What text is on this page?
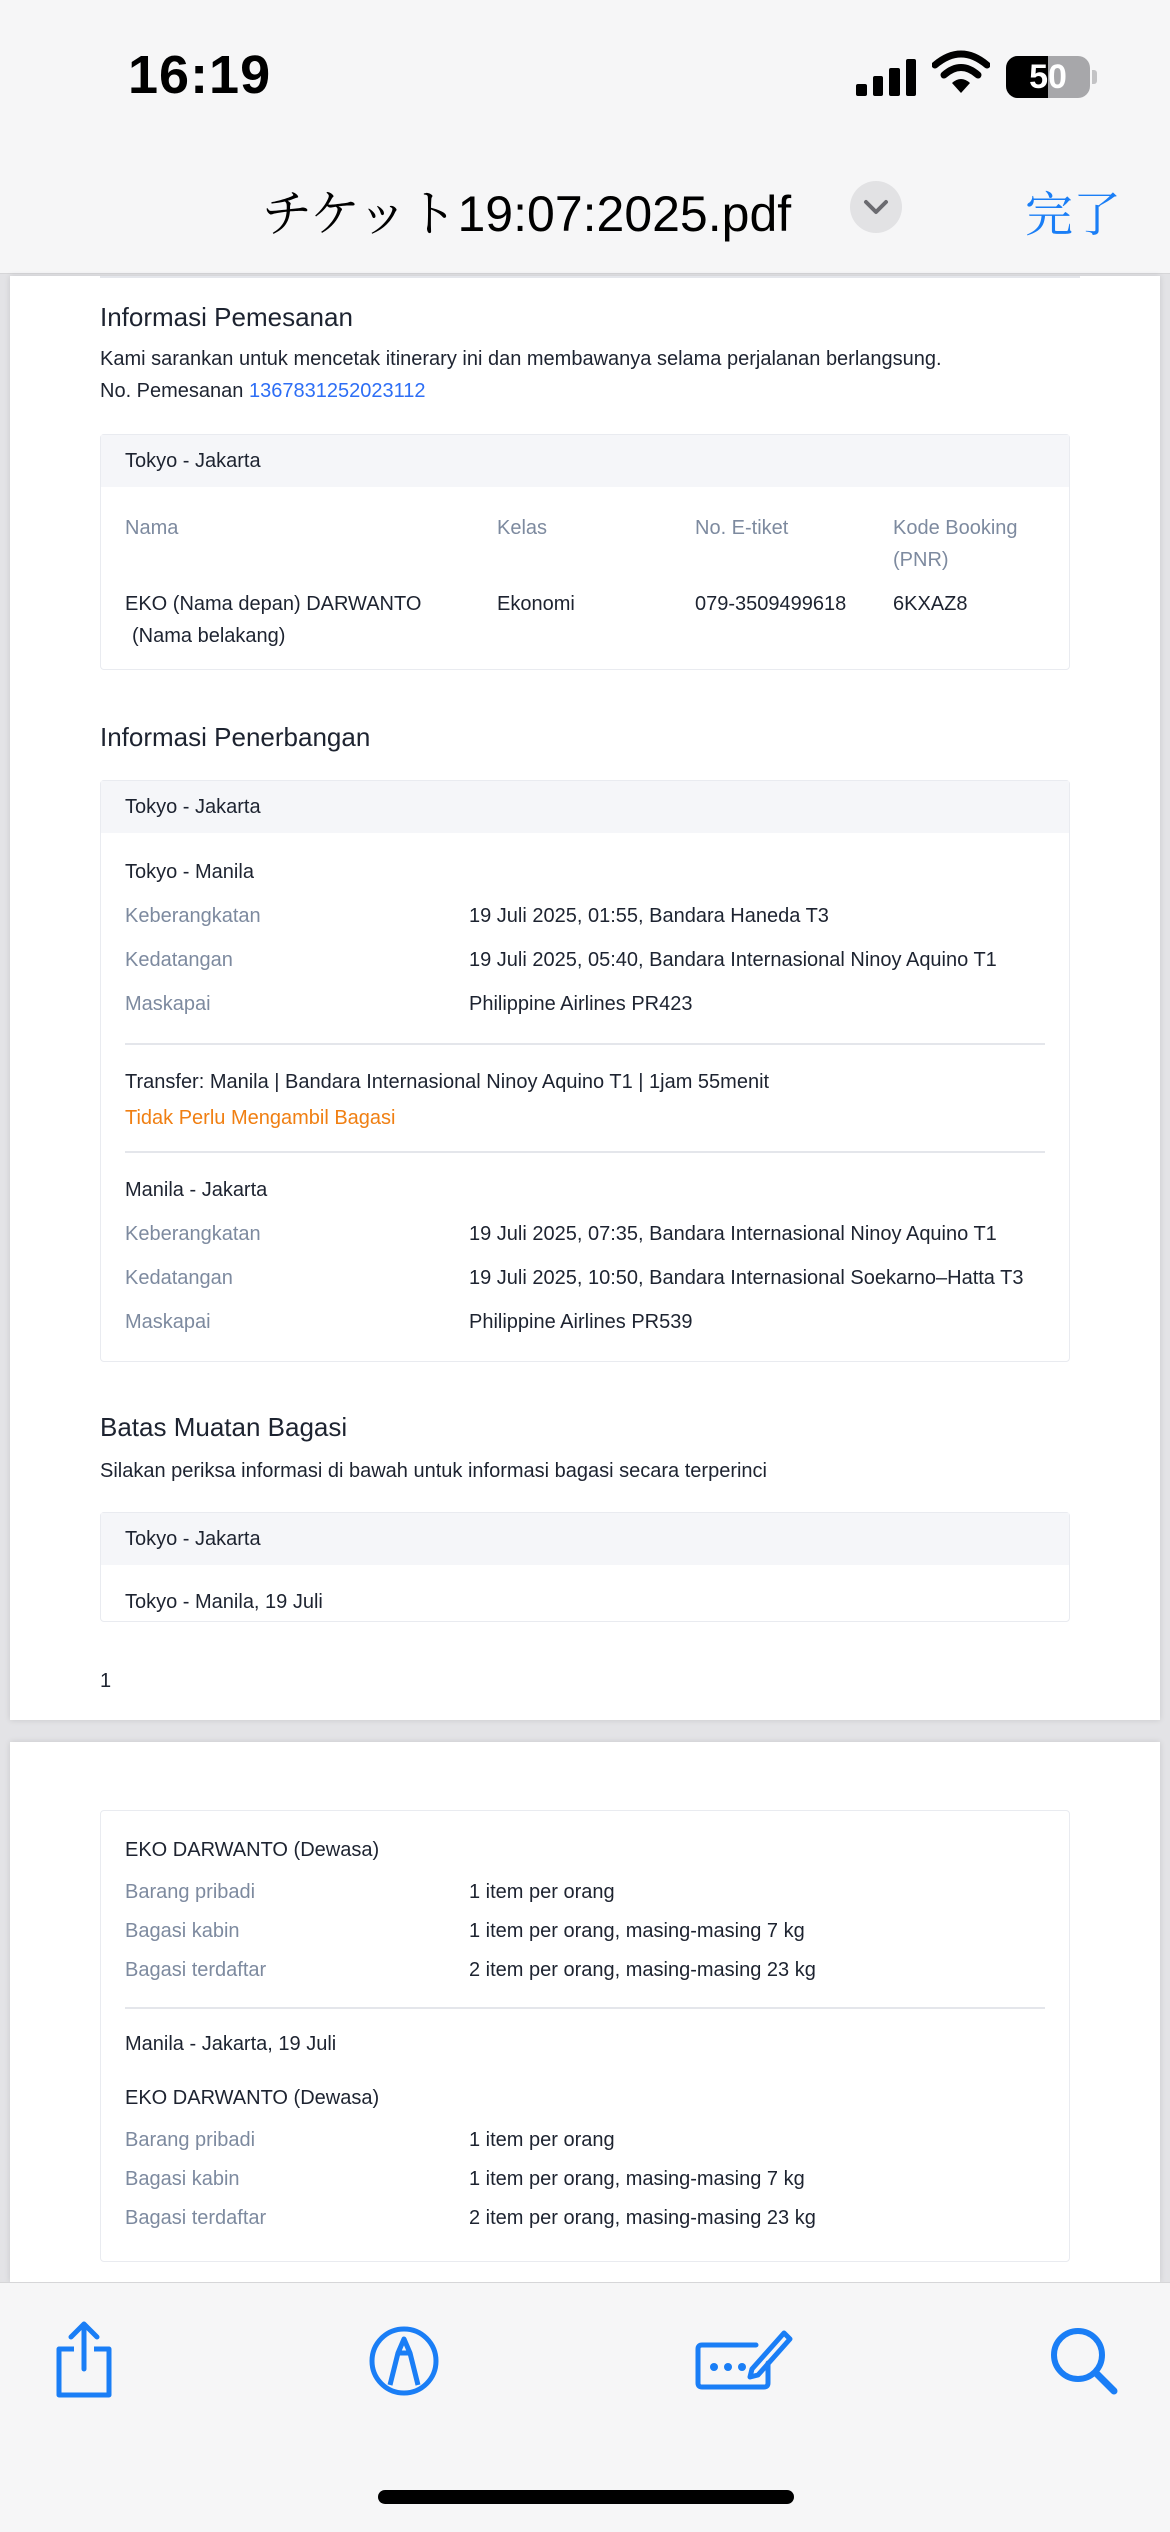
16:19	50
チケット19:07:2025.pdf	完了
Informasi Pemesanan
Kami sarankan untuk mencetak itinerary ini dan membawanya selama perjalanan berlangsung.
No. Pemesanan 1367831252023112
Tokyo - Jakarta
Nama	Kelas	No. E-tiket	Kode Booking
(PNR)
EKO (Nama depan) DARWANTO
(Nama belakang)
Ekonomi	079-3509499618 6KXAZ8
Informasi Penerbangan
Tokyo - Jakarta
Tokyo - Manila
Keberangkatan	19 Juli 2025, 01:55, Bandara Haneda T3
Kedatangan	19 Juli 2025, 05:40, Bandara Internasional Ninoy Aquino T1
Maskapai	Philippine Airlines PR423
Transfer: Manila | Bandara Internasional Ninoy Aquino T1 | 1jam 55menit
Tidak Perlu Mengambil Bagasi
Manila - Jakarta
Keberangkatan	19 Juli 2025, 07:35, Bandara Internasional Ninoy Aquino T1
Kedatangan	19 Juli 2025, 10:50, Bandara Internasional Soekarno–Hatta T3
Maskapai	Philippine Airlines PR539
Batas Muatan Bagasi
Silakan periksa informasi di bawah untuk informasi bagasi secara terperinci
Tokyo - Jakarta
Tokyo - Manila, 19 Juli
1
EKO DARWANTO (Dewasa)
Barang pribadi	1 item per orang
Bagasi kabin	1 item per orang, masing-masing 7 kg
Bagasi terdaftar	2 item per orang, masing-masing 23 kg
Manila - Jakarta, 19 Juli
EKO DARWANTO (Dewasa)
Barang pribadi	1 item per orang
Bagasi kabin	1 item per orang, masing-masing 7 kg
Bagasi terdaftar	2 item per orang, masing-masing 23 kg
